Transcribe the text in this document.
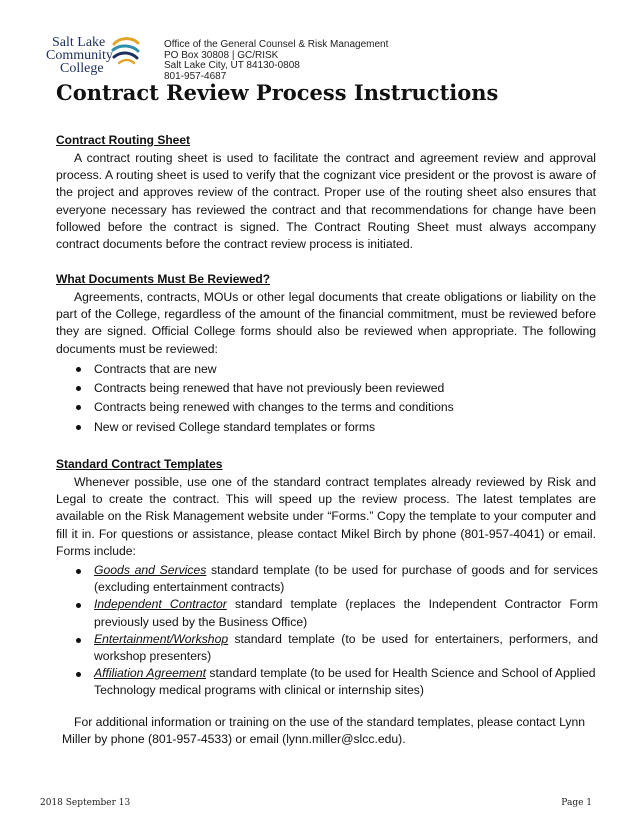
Salt Lake
Community
College
Office of the General Counsel & Risk Management
PO Box 30808 | GC/RISK
Salt Lake City, UT 84130-0808
801-957-4687
Contract Review Process Instructions
Contract Routing Sheet
A contract routing sheet is used to facilitate the contract and agreement review and approval process. A routing sheet is used to verify that the cognizant vice president or the provost is aware of the project and approves review of the contract. Proper use of the routing sheet also ensures that everyone necessary has reviewed the contract and that recommendations for change have been followed before the contract is signed. The Contract Routing Sheet must always accompany contract documents before the contract review process is initiated.
What Documents Must Be Reviewed?
Agreements, contracts, MOUs or other legal documents that create obligations or liability on the part of the College, regardless of the amount of the financial commitment, must be reviewed before they are signed. Official College forms should also be reviewed when appropriate. The following documents must be reviewed:
Contracts that are new
Contracts being renewed that have not previously been reviewed
Contracts being renewed with changes to the terms and conditions
New or revised College standard templates or forms
Standard Contract Templates
Whenever possible, use one of the standard contract templates already reviewed by Risk and Legal to create the contract. This will speed up the review process. The latest templates are available on the Risk Management website under “Forms.” Copy the template to your computer and fill it in. For questions or assistance, please contact Mikel Birch by phone (801-957-4041) or email. Forms include:
Goods and Services standard template (to be used for purchase of goods and for services (excluding entertainment contracts)
Independent Contractor standard template (replaces the Independent Contractor Form previously used by the Business Office)
Entertainment/Workshop standard template (to be used for entertainers, performers, and workshop presenters)
Affiliation Agreement standard template (to be used for Health Science and School of Applied Technology medical programs with clinical or internship sites)
For additional information or training on the use of the standard templates, please contact Lynn Miller by phone (801-957-4533) or email (lynn.miller@slcc.edu).
2018 September 13	Page 1
